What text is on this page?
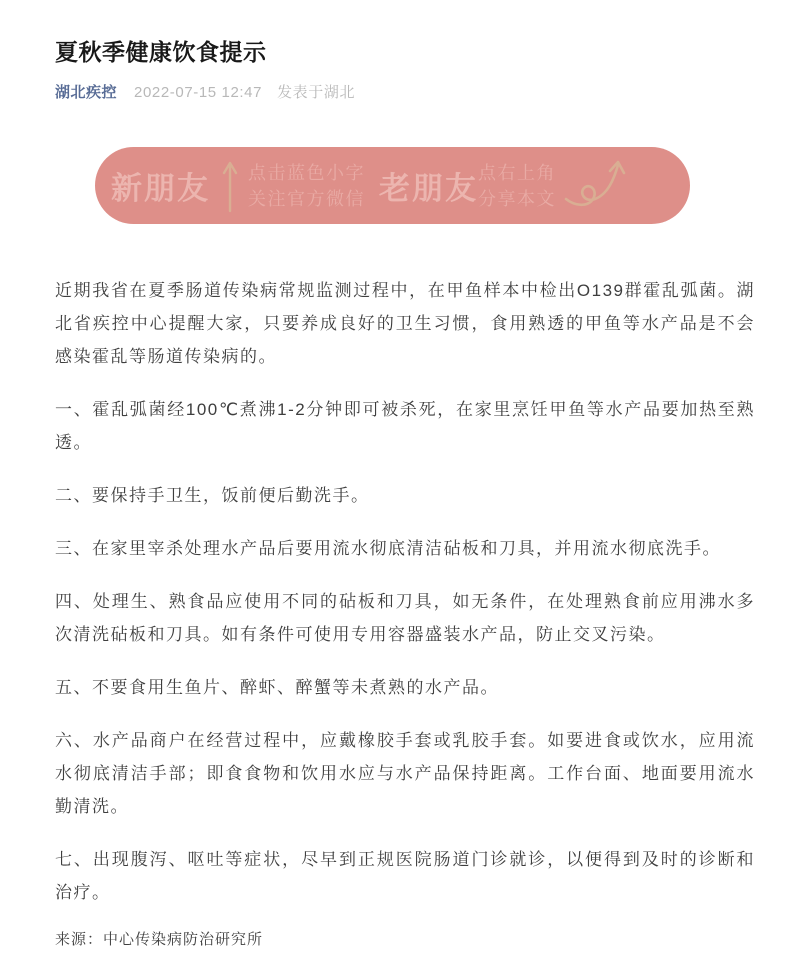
夏秋季健康饮食提示
湖北疾控 2022-07-15 12:47 发表于湖北
新朋友 点击蓝色小字
关注官方微信 老朋友 点右上角
分享本文

近期我省在夏季肠道传染病常规监测过程中，在甲鱼样本中检出O139群霍乱弧菌。湖北省疾控中心提醒大家，只要养成良好的卫生习惯，食用熟透的甲鱼等水产品是不会感染霍乱等肠道传染病的。

一、霍乱弧菌经100℃煮沸1-2分钟即可被杀死，在家里烹饪甲鱼等水产品要加热至熟透。

二、要保持手卫生，饭前便后勤洗手。

三、在家里宰杀处理水产品后要用流水彻底清洁砧板和刀具，并用流水彻底洗手。

四、处理生、熟食品应使用不同的砧板和刀具，如无条件，在处理熟食前应用沸水多次清洗砧板和刀具。如有条件可使用专用容器盛装水产品，防止交叉污染。

五、不要食用生鱼片、醉虾、醉蟹等未煮熟的水产品。

六、水产品商户在经营过程中，应戴橡胶手套或乳胶手套。如要进食或饮水，应用流水彻底清洁手部；即食食物和饮用水应与水产品保持距离。工作台面、地面要用流水勤清洗。

七、出现腹泻、呕吐等症状，尽早到正规医院肠道门诊就诊，以便得到及时的诊断和治疗。

来源：中心传染病防治研究所
